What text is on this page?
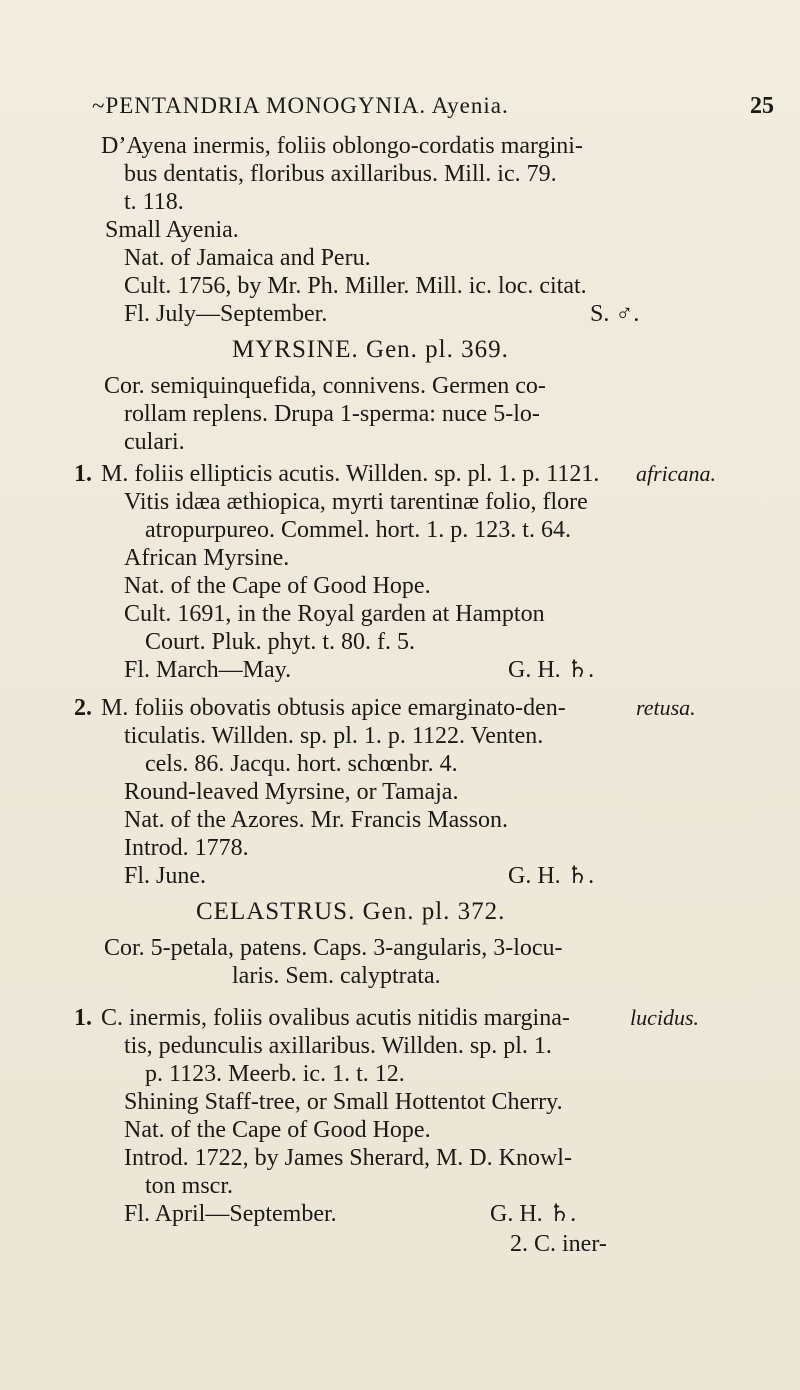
~PENTANDRIA MONOGYNIA. Ayenia.	25
D’Ayena inermis, foliis oblongo-cordatis margini-
bus dentatis, floribus axillaribus. Mill. ic. 79.
t. 118.
Small Ayenia.
Nat. of Jamaica and Peru.
Cult. 1756, by Mr. Ph. Miller. Mill. ic. loc. citat.
Fl. July—September.	S. ♂.
MYRSINE. Gen. pl. 369.
Cor. semiquinquefida, connivens. Germen co-
rollam replens. Drupa 1-sperma: nuce 5-lo-
culari.
1. M. foliis ellipticis acutis. Willden. sp. pl. 1. p. 1121. africana.
Vitis idæa æthiopica, myrti tarentinæ folio, flore
atropurpureo. Commel. hort. 1. p. 123. t. 64.
African Myrsine.
Nat. of the Cape of Good Hope.
Cult. 1691, in the Royal garden at Hampton
Court. Pluk. phyt. t. 80. f. 5.
Fl. March—May.	G. H. ♄.
2. M. foliis obovatis obtusis apice emarginato-den-	retusa.
ticulatis. Willden. sp. pl. 1. p. 1122. Venten.
cels. 86. Jacqu. hort. schœnbr. 4.
Round-leaved Myrsine, or Tamaja.
Nat. of the Azores. Mr. Francis Masson.
Introd. 1778.
Fl. June.	G. H. ♄.
CELASTRUS. Gen. pl. 372.
Cor. 5-petala, patens. Caps. 3-angularis, 3-locu-
laris. Sem. calyptrata.
1. C. inermis, foliis ovalibus acutis nitidis margina-	lucidus.
tis, pedunculis axillaribus. Willden. sp. pl. 1.
p. 1123. Meerb. ic. 1. t. 12.
Shining Staff-tree, or Small Hottentot Cherry.
Nat. of the Cape of Good Hope.
Introd. 1722, by James Sherard, M. D. Knowl-
ton mscr.
Fl. April—September.	G. H. ♄.
2. C. iner-
